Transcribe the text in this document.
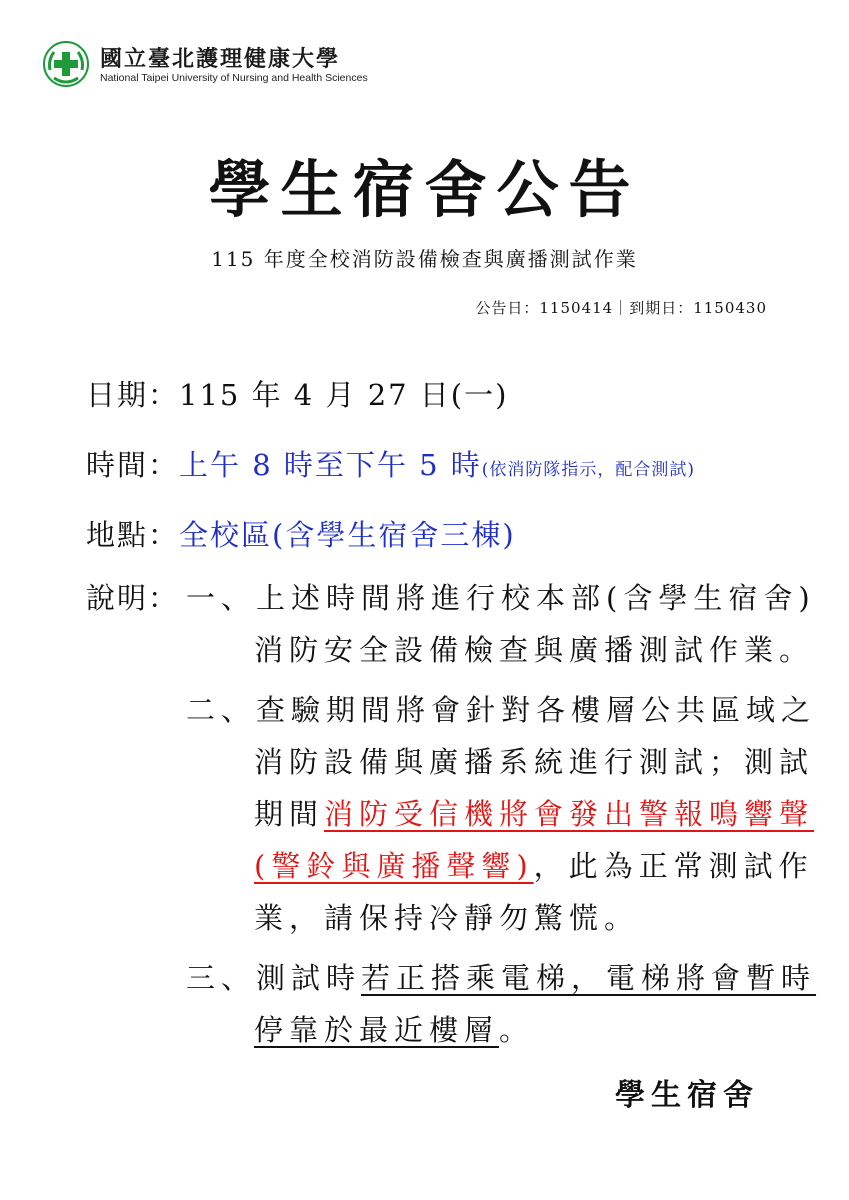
國立臺北護理健康大學
National Taipei University of Nursing and Health Sciences
學生宿舍公告
115 年度全校消防設備檢查與廣播測試作業
公告日：1150414｜到期日：1150430
日期：115 年 4 月 27 日(一)
時間：上午 8 時至下午 5 時(依消防隊指示，配合測試)
地點：全校區(含學生宿舍三棟)
說明： 一、上述時間將進行校本部(含學生宿舍)
消防安全設備檢查與廣播測試作業。
二、查驗期間將會針對各樓層公共區域之
消防設備與廣播系統進行測試；測試
期間消防受信機將會發出警報鳴響聲
(警鈴與廣播聲響)，此為正常測試作
業，請保持冷靜勿驚慌。
三、測試時若正搭乘電梯，電梯將會暫時
停靠於最近樓層。
學生宿舍
